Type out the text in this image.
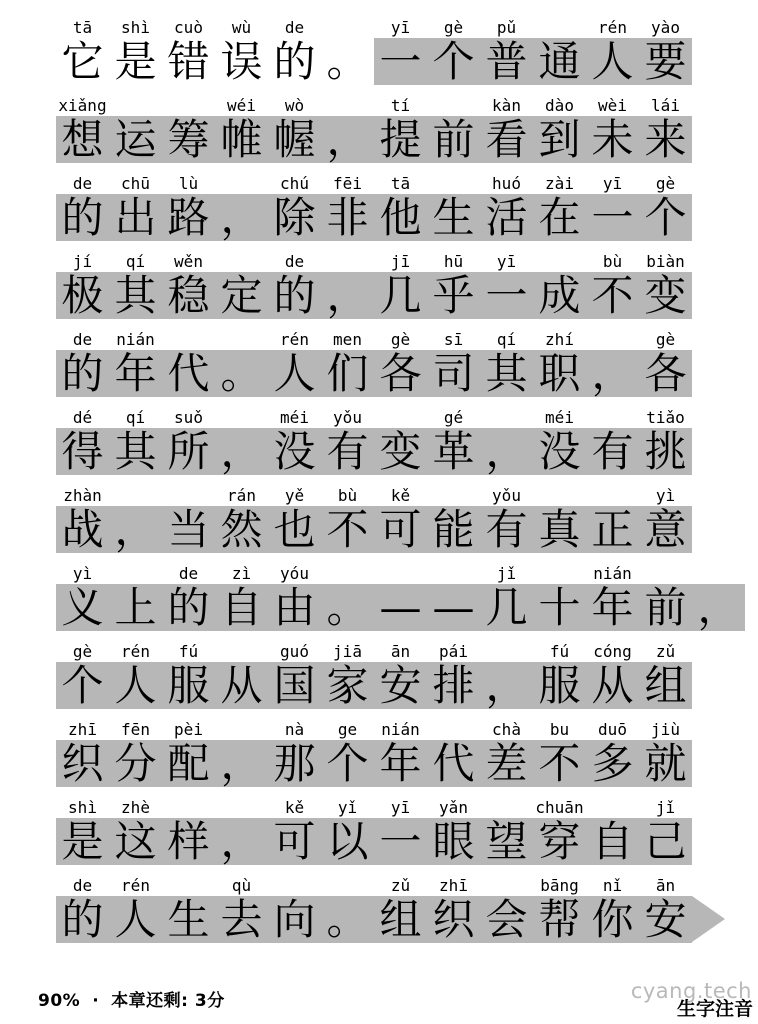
tā
它
shì
是
cuò
错
wù
误
de
的 。
yī
一
gè
个
pǔ
普 通
rén
人
yào
要
xiǎng
想 运 筹
wéi
帷
wò
幄 ，
tí
提 前
kàn
看
dào
到
wèi
未
lái
来
de
的
chū
出
lù
路 ，
chú
除
fēi
非
tā
他 生
huó
活
zài
在
yī
一
gè
个
jí
极
qí
其
wěn
稳 定
de
的 ，
jī
几
hū
乎
yī
一 成
bù
不
biàn
变
de
的
nián
年 代 。
rén
人
men
们
gè
各
sī
司
qí
其
zhí
职 ，
gè
各
dé
得
qí
其
suǒ
所 ，
méi
没
yǒu
有 变
gé
革 ，
méi
没 有
tiǎo
挑
zhàn
战 ， 当
rán
然
yě
也
bù
不
kě
可 能
yǒu
有 真 正
yì
意
yì
义 上
de
的
zì
自
yóu
由 。 — —
jǐ
几 十
nián
年 前 ，
gè
个
rén
人
fú
服 从
guó
国
jiā
家
ān
安
pái
排 ，
fú
服
cóng
从
zǔ
组
zhī
织
fēn
分
pèi
配 ，
nà
那
ge
个
nián
年 代
chà
差
bu
不
duō
多
jiù
就
shì
是
zhè
这 样 ，
kě
可
yǐ
以
yī
一
yǎn
眼 望
chuān
穿 自
jǐ
己
de
的
rén
人 生
qù
去 向 。
zǔ
组
zhī
织 会
bāng
帮
nǐ
你
ān
安
90% · 本章还剩: 3分	cyang.tech
生字注音
